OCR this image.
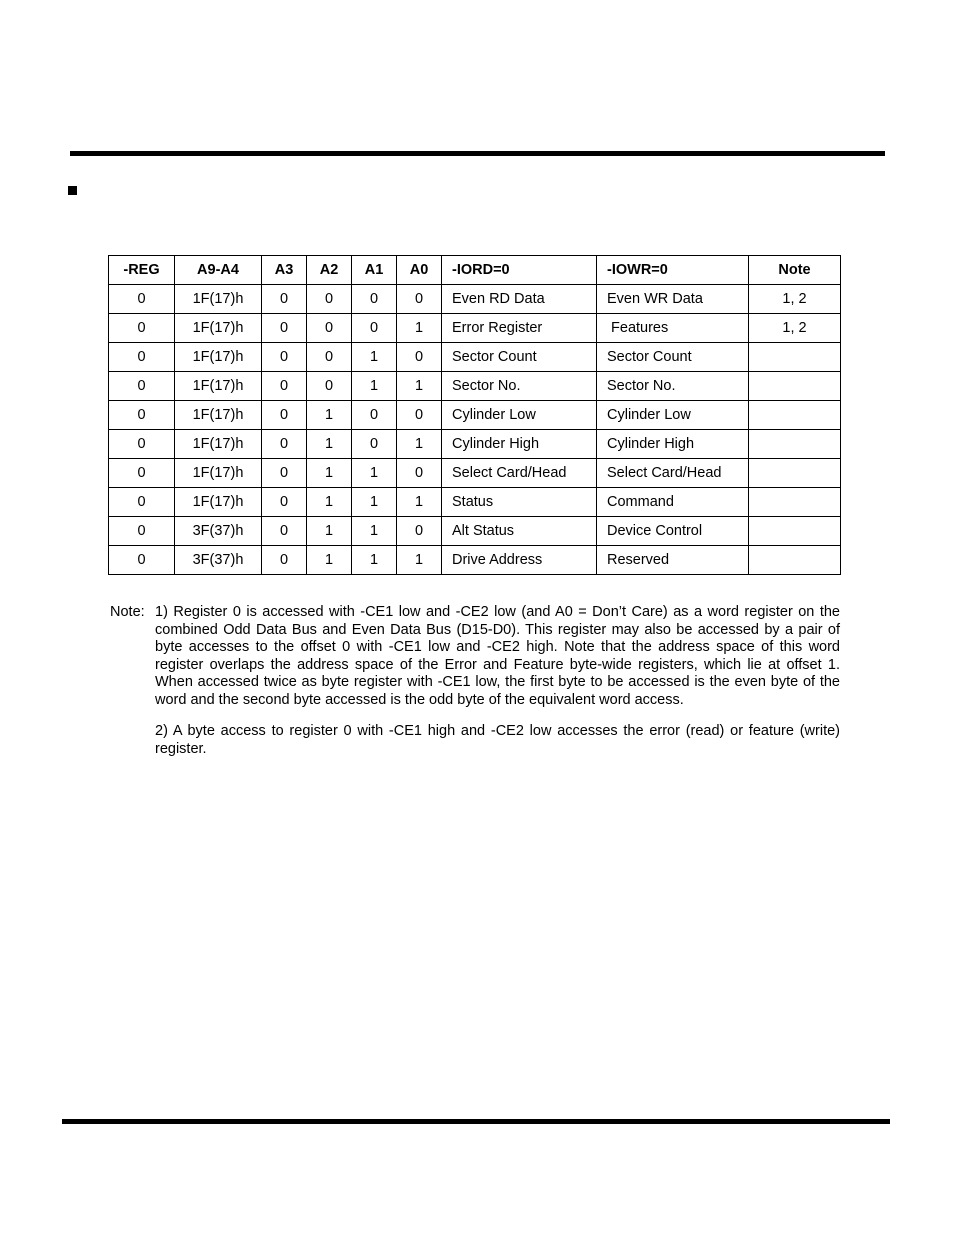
-REG	A9-A4	A3	A2	A1	A0	-IORD=0	-IOWR=0	Note
0	1F(17)h	0	0	0	0	Even RD Data	Even WR Data	1, 2
0	1F(17)h	0	0	0	1	Error Register	Features	1, 2
0	1F(17)h	0	0	1	0	Sector Count	Sector Count	
0	1F(17)h	0	0	1	1	Sector No.	Sector No.	
0	1F(17)h	0	1	0	0	Cylinder Low	Cylinder Low	
0	1F(17)h	0	1	0	1	Cylinder High	Cylinder High	
0	1F(17)h	0	1	1	0	Select Card/Head	Select Card/Head	
0	1F(17)h	0	1	1	1	Status	Command	
0	3F(37)h	0	1	1	0	Alt Status	Device Control	
0	3F(37)h	0	1	1	1	Drive Address	Reserved	
Note: 1) Register 0 is accessed with -CE1 low and -CE2 low (and A0 = Don’t Care) as a word register on the combined Odd Data Bus and Even Data Bus (D15-D0). This register may also be accessed by a pair of byte accesses to the offset 0 with -CE1 low and -CE2 high. Note that the address space of this word register overlaps the address space of the Error and Feature byte-wide registers, which lie at offset 1. When accessed twice as byte register with -CE1 low, the first byte to be accessed is the even byte of the word and the second byte accessed is the odd byte of the equivalent word access.

2) A byte access to register 0 with -CE1 high and -CE2 low accesses the error (read) or feature (write) register.
